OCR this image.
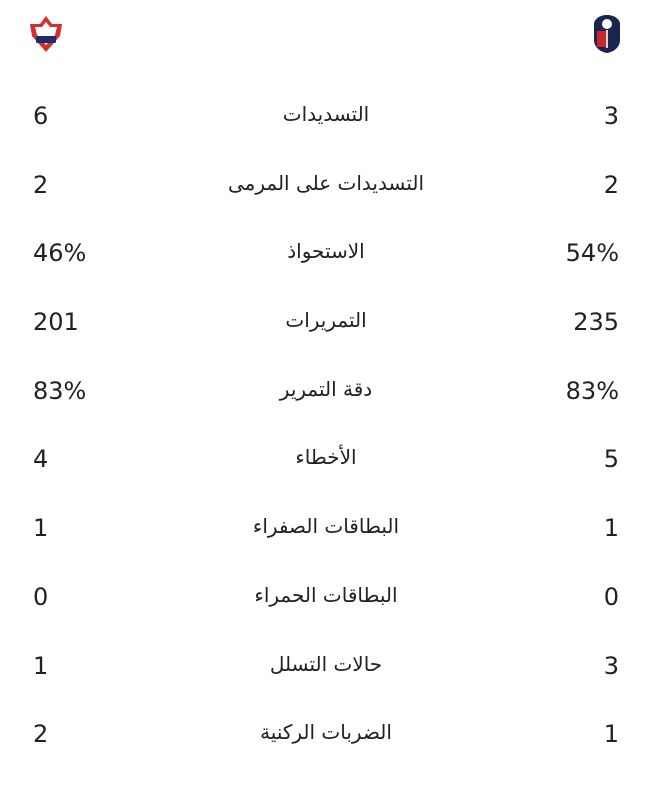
6	التسديدات	3
2	التسديدات على المرمى	2
46%	الاستحواذ	54%
201	التمريرات	235
83%	دقة التمرير	83%
4	الأخطاء	5
1	البطاقات الصفراء	1
0	البطاقات الحمراء	0
1	حالات التسلل	3
2	الضربات الركنية	1
